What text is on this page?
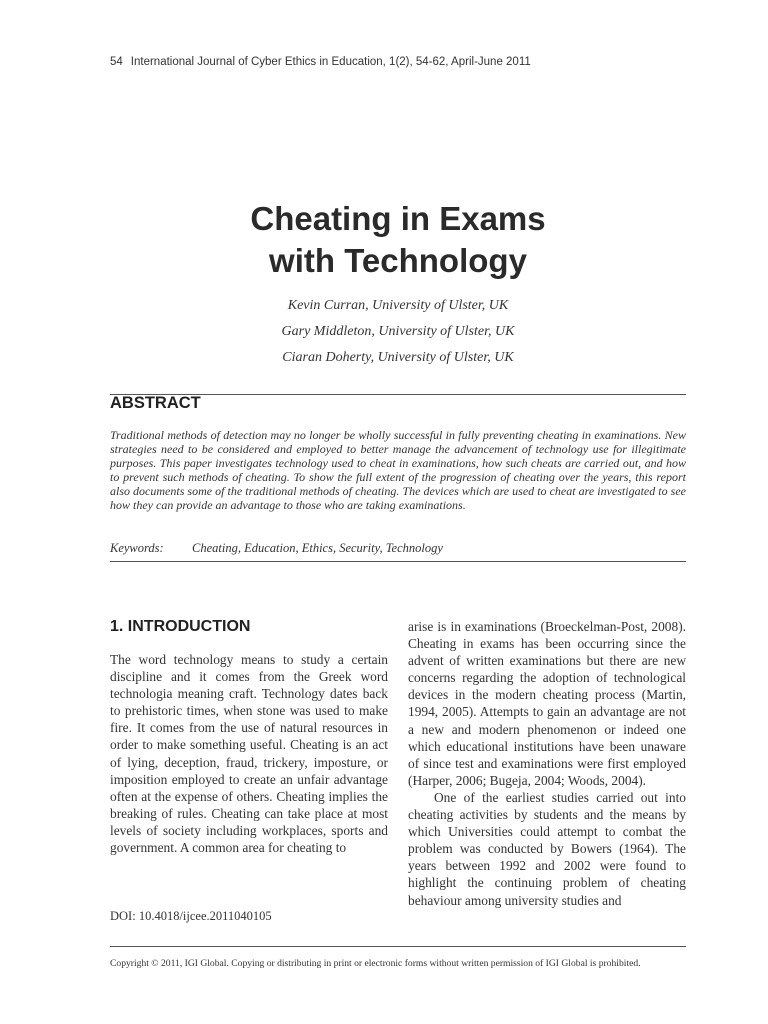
54 International Journal of Cyber Ethics in Education, 1(2), 54-62, April-June 2011
Cheating in Exams
with Technology
Kevin Curran, University of Ulster, UK
Gary Middleton, University of Ulster, UK
Ciaran Doherty, University of Ulster, UK
ABSTRACT
Traditional methods of detection may no longer be wholly successful in fully preventing cheating in examinations. New strategies need to be considered and employed to better manage the advancement of technology use for illegitimate purposes. This paper investigates technology used to cheat in examinations, how such cheats are carried out, and how to prevent such methods of cheating. To show the full extent of the progression of cheating over the years, this report also documents some of the traditional methods of cheating. The devices which are used to cheat are investigated to see how they can provide an advantage to those who are taking examinations.
Keywords: Cheating, Education, Ethics, Security, Technology
1. INTRODUCTION

The word technology means to study a certain discipline and it comes from the Greek word technologia meaning craft. Technology dates back to prehistoric times, when stone was used to make fire. It comes from the use of natural resources in order to make something useful. Cheating is an act of lying, deception, fraud, trickery, imposture, or imposition employed to create an unfair advantage often at the expense of others. Cheating implies the breaking of rules. Cheating can take place at most levels of society including workplaces, sports and government. A common area for cheating to

arise is in examinations (Broeckelman-Post, 2008). Cheating in exams has been occurring since the advent of written examinations but there are new concerns regarding the adoption of technological devices in the modern cheating process (Martin, 1994, 2005). Attempts to gain an advantage are not a new and modern phenomenon or indeed one which educational institutions have been unaware of since test and examinations were first employed (Harper, 2006; Bugeja, 2004; Woods, 2004).

One of the earliest studies carried out into cheating activities by students and the means by which Universities could attempt to combat the problem was conducted by Bowers (1964). The years between 1992 and 2002 were found to highlight the continuing problem of cheating behaviour among university studies and

DOI: 10.4018/ijcee.2011040105
Copyright © 2011, IGI Global. Copying or distributing in print or electronic forms without written permission of IGI Global is prohibited.
